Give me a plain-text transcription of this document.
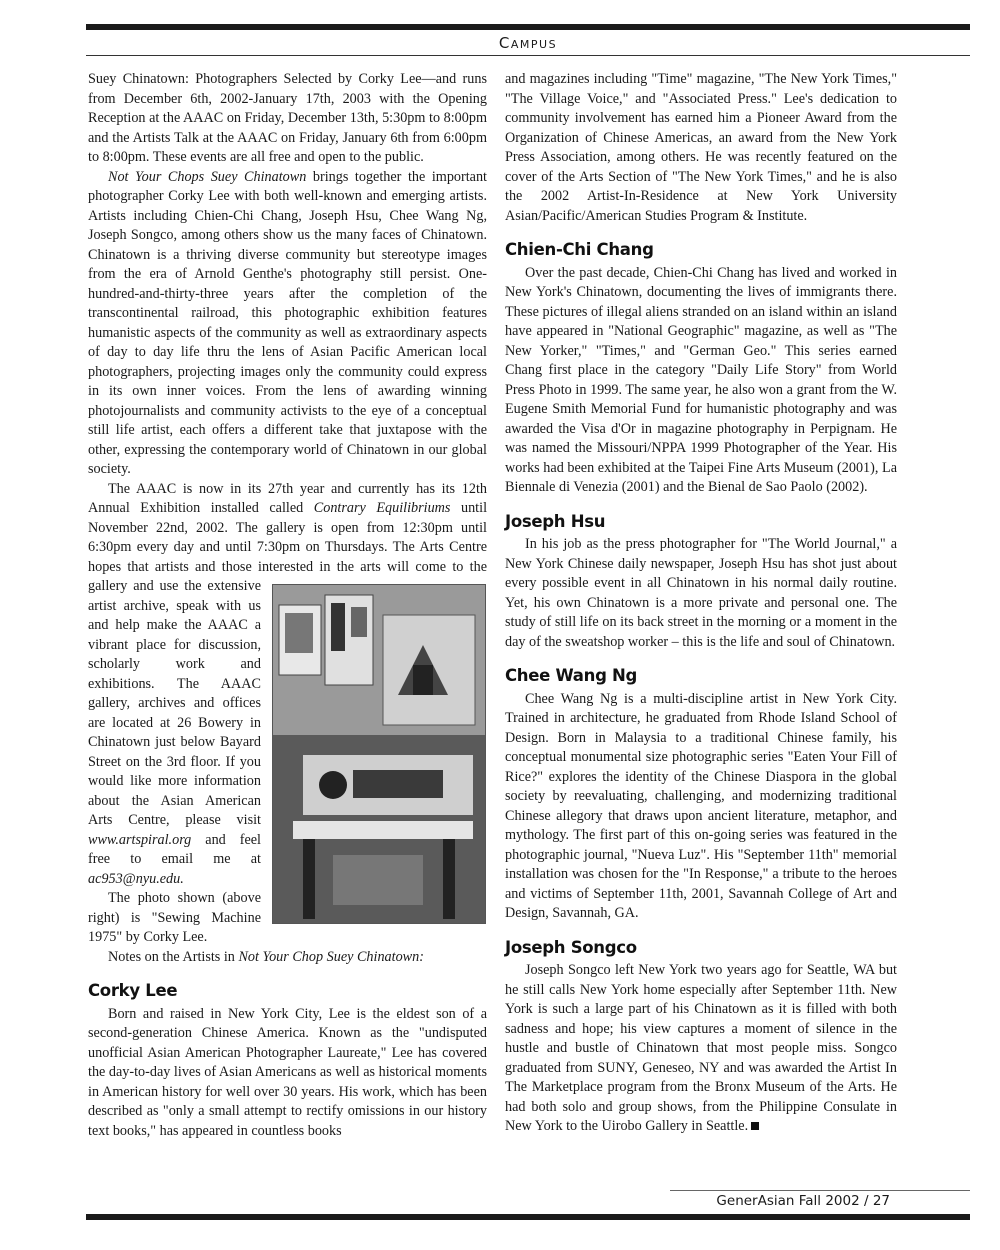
Campus

Suey Chinatown: Photographers Selected by Corky Lee—and runs from December 6th, 2002-January 17th, 2003 with the Opening Reception at the AAAC on Friday, December 13th, 5:30pm to 8:00pm and the Artists Talk at the AAAC on Friday, January 6th from 6:00pm to 8:00pm. These events are all free and open to the public.

Not Your Chops Suey Chinatown brings together the important photographer Corky Lee with both well-known and emerging artists. Artists including Chien-Chi Chang, Joseph Hsu, Chee Wang Ng, Joseph Songco, among others show us the many faces of Chinatown. Chinatown is a thriving diverse community but stereotype images from the era of Arnold Genthe's photography still persist. One-hundred-and-thirty-three years after the completion of the transcontinental railroad, this photographic exhibition features humanistic aspects of the community as well as extraordinary aspects of day to day life thru the lens of Asian Pacific American local photographers, projecting images only the community could express in its own inner voices. From the lens of awarding winning photojournalists and community activists to the eye of a conceptual still life artist, each offers a different take that juxtapose with the other, expressing the contemporary world of Chinatown in our global society.

The AAAC is now in its 27th year and currently has its 12th Annual Exhibition installed called Contrary Equilibriums until November 22nd, 2002. The gallery is open from 12:30pm until 6:30pm every day and until 7:30pm on Thursdays. The Arts Centre hopes that artists and those interested in the arts will come to the gallery and use the extensive artist archive, speak with us and help make the AAAC a vibrant place for discussion, scholarly work and exhibitions. The AAAC gallery, archives and offices are located at 26 Bowery in Chinatown just below Bayard Street on the 3rd floor. If you would like more information about the Asian American Arts Centre, please visit www.artspiral.org and feel free to email me at ac953@nyu.edu.

The photo shown (above right) is "Sewing Machine 1975" by Corky Lee.

Notes on the Artists in Not Your Chop Suey Chinatown:

Corky Lee

Born and raised in New York City, Lee is the eldest son of a second-generation Chinese America. Known as the "undisputed unofficial Asian American Photographer Laureate," Lee has covered the day-to-day lives of Asian Americans as well as historical moments in American history for well over 30 years. His work, which has been described as "only a small attempt to rectify omissions in our history text books," has appeared in countless books

and magazines including "Time" magazine, "The New York Times," "The Village Voice," and "Associated Press." Lee's dedication to community involvement has earned him a Pioneer Award from the Organization of Chinese Americas, an award from the New York Press Association, among others. He was recently featured on the cover of the Arts Section of "The New York Times," and he is also the 2002 Artist-In-Residence at New York University Asian/Pacific/American Studies Program & Institute.

Chien-Chi Chang

Over the past decade, Chien-Chi Chang has lived and worked in New York's Chinatown, documenting the lives of immigrants there. These pictures of illegal aliens stranded on an island within an island have appeared in "National Geographic" magazine, as well as "The New Yorker," "Times," and "German Geo." This series earned Chang first place in the category "Daily Life Story" from World Press Photo in 1999. The same year, he also won a grant from the W. Eugene Smith Memorial Fund for humanistic photography and was awarded the Visa d'Or in magazine photography in Perpignam. He was named the Missouri/NPPA 1999 Photographer of the Year. His works had been exhibited at the Taipei Fine Arts Museum (2001), La Biennale di Venezia (2001) and the Bienal de Sao Paolo (2002).

Joseph Hsu

In his job as the press photographer for "The World Journal," a New York Chinese daily newspaper, Joseph Hsu has shot just about every possible event in all Chinatown in his normal daily routine. Yet, his own Chinatown is a more private and personal one. The study of still life on its back street in the morning or a moment in the day of the sweatshop worker – this is the life and soul of Chinatown.

Chee Wang Ng

Chee Wang Ng is a multi-discipline artist in New York City. Trained in architecture, he graduated from Rhode Island School of Design. Born in Malaysia to a traditional Chinese family, his conceptual monumental size photographic series "Eaten Your Fill of Rice?" explores the identity of the Chinese Diaspora in the global society by reevaluating, challenging, and modernizing traditional Chinese allegory that draws upon ancient literature, metaphor, and mythology. The first part of this on-going series was featured in the photographic journal, "Nueva Luz". His "September 11th" memorial installation was chosen for the "In Response," a tribute to the heroes and victims of September 11th, 2001, Savannah College of Art and Design, Savannah, GA.

Joseph Songco

Joseph Songco left New York two years ago for Seattle, WA but he still calls New York home especially after September 11th. New York is such a large part of his Chinatown as it is filled with both sadness and hope; his view captures a moment of silence in the hustle and bustle of Chinatown that most people miss. Songco graduated from SUNY, Geneseo, NY and was awarded the Artist In The Marketplace program from the Bronx Museum of the Arts. He had both solo and group shows, from the Philippine Consulate in New York to the Uirobo Gallery in Seattle.

GenerAsian Fall 2002 / 27
